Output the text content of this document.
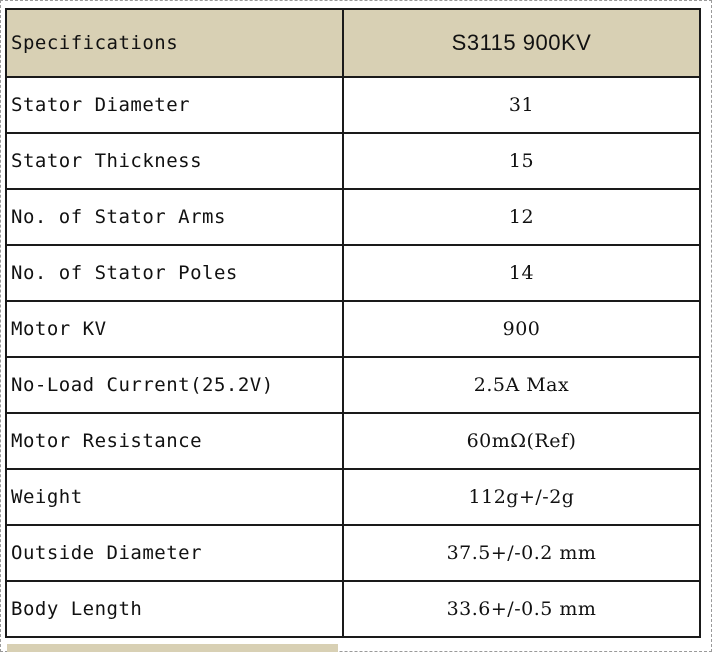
Specifications	S3115 900KV
Stator Diameter	31
Stator Thickness	15
No. of Stator Arms	12
No. of Stator Poles	14
Motor KV	900
No-Load Current(25.2V)	2.5A Max
Motor Resistance	60mΩ(Ref)
Weight	112g+/-2g
Outside Diameter	37.5+/-0.2 mm
Body Length	33.6+/-0.5 mm
